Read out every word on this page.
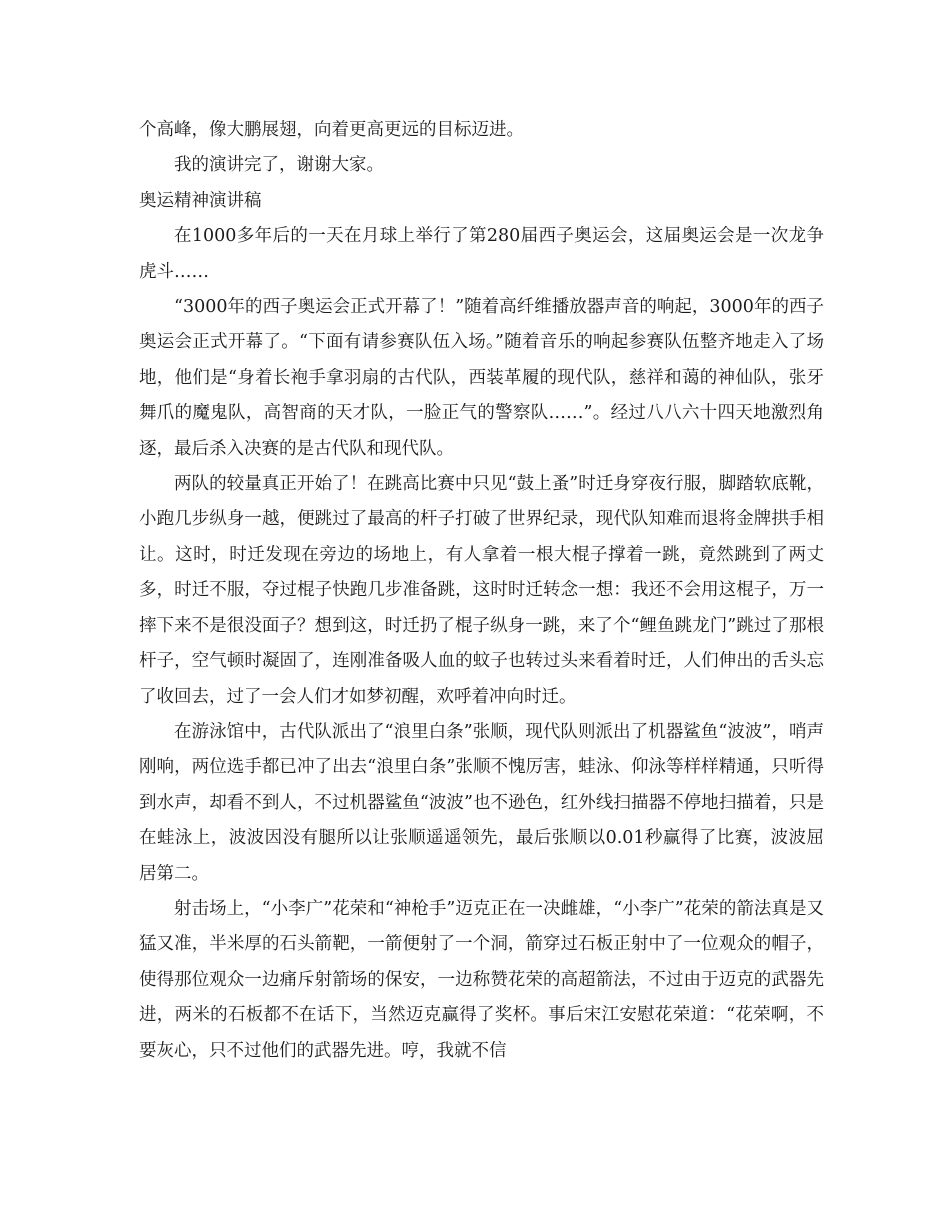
个高峰，像大鹏展翅，向着更高更远的目标迈进。

我的演讲完了，谢谢大家。

奥运精神演讲稿

在1000多年后的一天在月球上举行了第280届西子奥运会，这届奥运会是一次龙争虎斗……

“3000年的西子奥运会正式开幕了！”随着高纤维播放器声音的响起，3000年的西子奥运会正式开幕了。“下面有请参赛队伍入场。”随着音乐的响起参赛队伍整齐地走入了场地，他们是“身着长袍手拿羽扇的古代队，西装革履的现代队，慈祥和蔼的神仙队，张牙舞爪的魔鬼队，高智商的天才队，一脸正气的警察队……”。经过八八六十四天地激烈角逐，最后杀入决赛的是古代队和现代队。

两队的较量真正开始了！在跳高比赛中只见“鼓上蚤”时迁身穿夜行服，脚踏软底靴，小跑几步纵身一越，便跳过了最高的杆子打破了世界纪录，现代队知难而退将金牌拱手相让。这时，时迁发现在旁边的场地上，有人拿着一根大棍子撑着一跳，竟然跳到了两丈多，时迁不服，夺过棍子快跑几步准备跳，这时时迁转念一想：我还不会用这棍子，万一摔下来不是很没面子？想到这，时迁扔了棍子纵身一跳，来了个“鲤鱼跳龙门”跳过了那根杆子，空气顿时凝固了，连刚准备吸人血的蚊子也转过头来看着时迁，人们伸出的舌头忘了收回去，过了一会人们才如梦初醒，欢呼着冲向时迁。

在游泳馆中，古代队派出了“浪里白条”张顺，现代队则派出了机器鲨鱼“波波”，哨声刚响，两位选手都已冲了出去“浪里白条”张顺不愧厉害，蛙泳、仰泳等样样精通，只听得到水声，却看不到人，不过机器鲨鱼“波波”也不逊色，红外线扫描器不停地扫描着，只是在蛙泳上，波波因没有腿所以让张顺遥遥领先，最后张顺以0.01秒赢得了比赛，波波屈居第二。

射击场上，“小李广”花荣和“神枪手”迈克正在一决雌雄，“小李广”花荣的箭法真是又猛又准，半米厚的石头箭靶，一箭便射了一个洞，箭穿过石板正射中了一位观众的帽子，使得那位观众一边痛斥射箭场的保安，一边称赞花荣的高超箭法，不过由于迈克的武器先进，两米的石板都不在话下，当然迈克赢得了奖杯。事后宋江安慰花荣道：“花荣啊，不要灰心，只不过他们的武器先进。哼，我就不信
